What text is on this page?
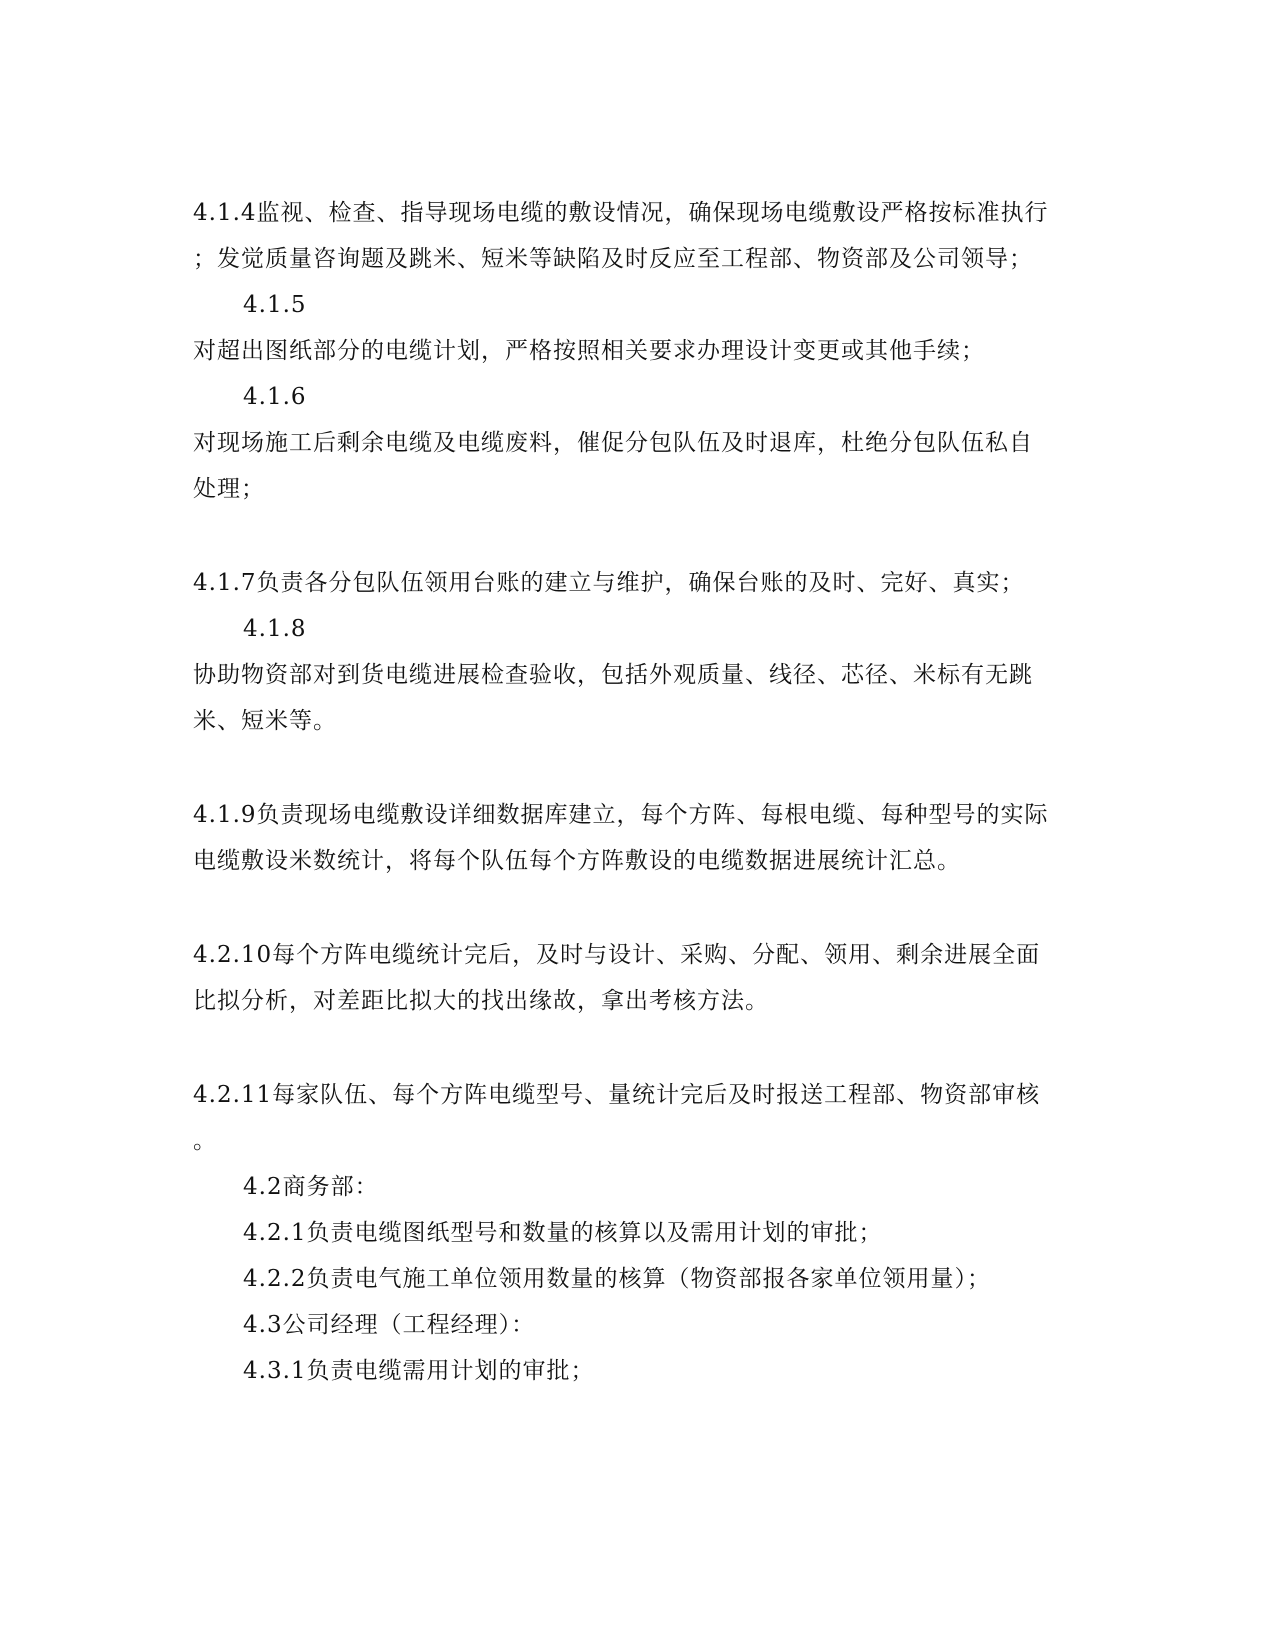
4.1.4监视、检查、指导现场电缆的敷设情况，确保现场电缆敷设严格按标准执行
；发觉质量咨询题及跳米、短米等缺陷及时反应至工程部、物资部及公司领导；
4.1.5
对超出图纸部分的电缆计划，严格按照相关要求办理设计变更或其他手续；
4.1.6
对现场施工后剩余电缆及电缆废料，催促分包队伍及时退库，杜绝分包队伍私自
处理；
4.1.7负责各分包队伍领用台账的建立与维护，确保台账的及时、完好、真实；
4.1.8
协助物资部对到货电缆进展检查验收，包括外观质量、线径、芯径、米标有无跳
米、短米等。
4.1.9负责现场电缆敷设详细数据库建立，每个方阵、每根电缆、每种型号的实际
电缆敷设米数统计，将每个队伍每个方阵敷设的电缆数据进展统计汇总。
4.2.10每个方阵电缆统计完后，及时与设计、采购、分配、领用、剩余进展全面
比拟分析，对差距比拟大的找出缘故，拿出考核方法。
4.2.11每家队伍、每个方阵电缆型号、量统计完后及时报送工程部、物资部审核
。
4.2商务部：
4.2.1负责电缆图纸型号和数量的核算以及需用计划的审批；
4.2.2负责电气施工单位领用数量的核算（物资部报各家单位领用量）；
4.3公司经理（工程经理）：
4.3.1负责电缆需用计划的审批；
